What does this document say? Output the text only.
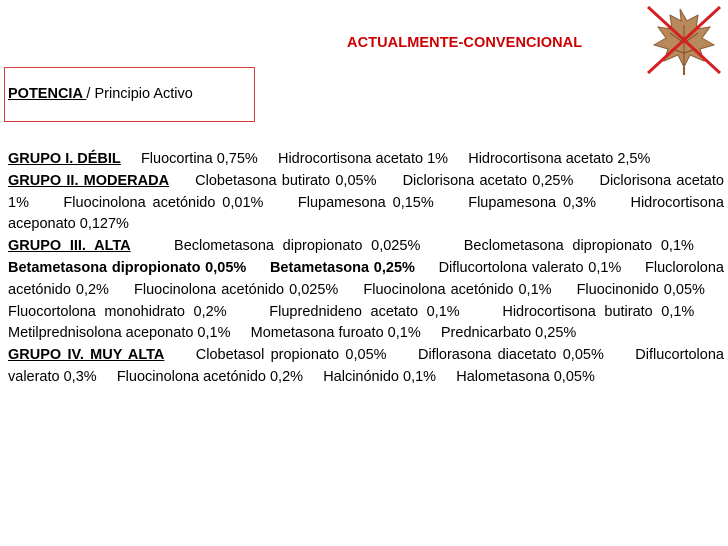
ACTUALMENTE-CONVENCIONAL
POTENCIA / Principio Activo
GRUPO I. DÉBIL Fluocortina 0,75% Hidrocortisona acetato 1% Hidrocortisona acetato 2,5%
GRUPO II. MODERADA Clobetasona butirato 0,05% Diclorisona acetato 0,25% Diclorisona acetato 1% Fluocinolona acetónido 0,01% Flupamesona 0,15% Flupamesona 0,3% Hidrocortisona aceponato 0,127%
GRUPO III. ALTA	Beclometasona dipropionato 0,025%	Beclometasona dipropionato 0,1%     Betametasona dipropionato 0,05% Betametasona 0,25% Diflucortolona valerato 0,1% Fluclorolona acetónido 0,2% Fluocinolona acetónido 0,025% Fluocinolona acetónido 0,1% Fluocinonido 0,05%     Fluocortolona monohidrato 0,2%	Fluprednideno acetato 0,1%	Hidrocortisona butirato 0,1%     Metilprednisolona aceponato 0,1% Mometasona furoato 0,1% Prednicarbato 0,25%
GRUPO IV. MUY ALTA Clobetasol propionato 0,05% Diflorasona diacetato 0,05% Diflucortolona valerato 0,3% Fluocinolona acetónido 0,2% Halcinónido 0,1% Halometasona 0,05%
